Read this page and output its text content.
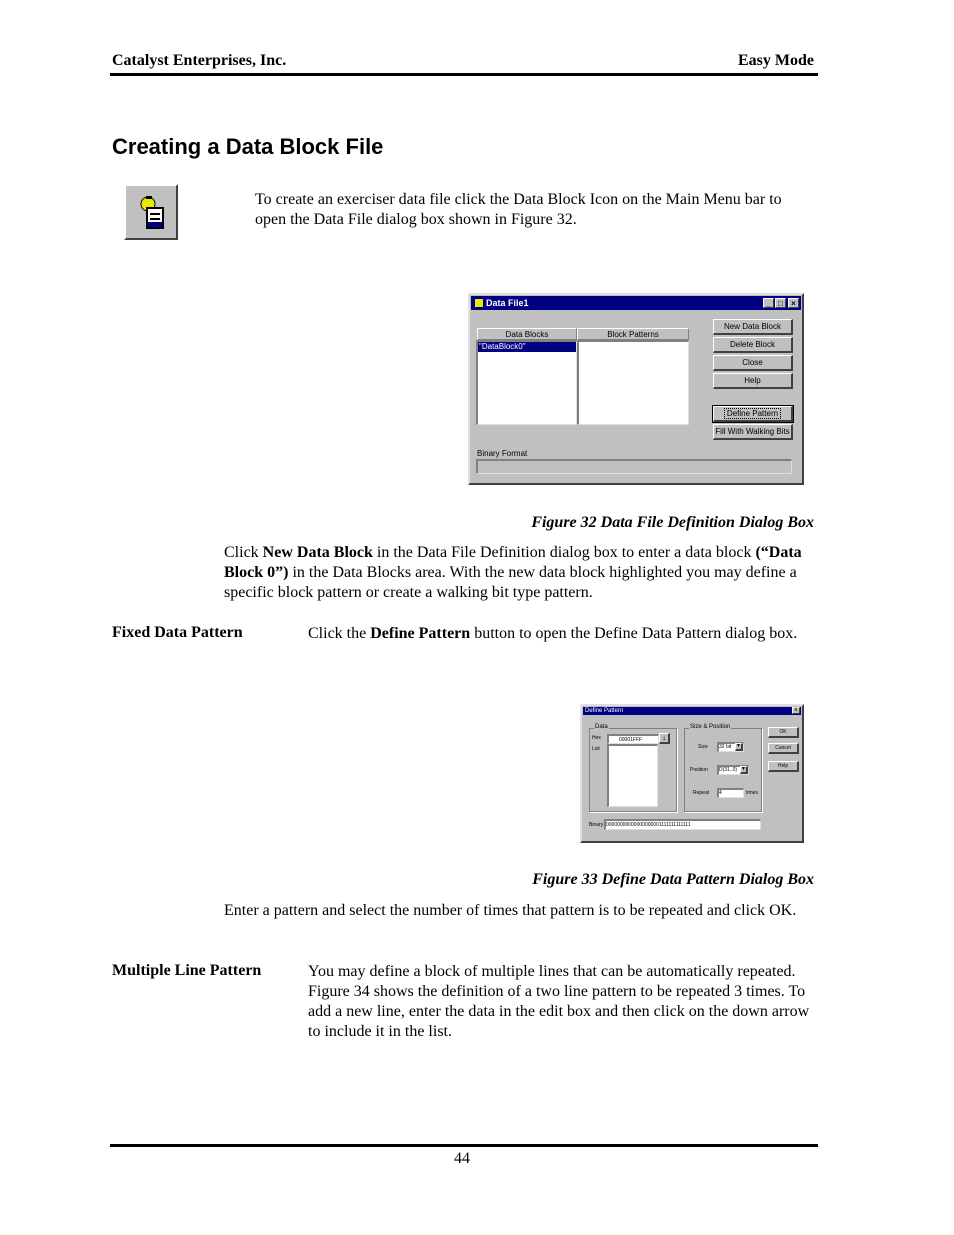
Catalyst Enterprises, Inc.	Easy Mode
Creating a Data Block File
To create an exerciser data file click the Data Block Icon on the Main Menu bar to open the Data File dialog box shown in Figure 32.
Data File1	_ □	×
Data Blocks
"DataBlock0"
Block Patterns
New Data Block
Delete Block
Close
Help
Define Pattern
Fill With Walking Bits
Binary Format
Figure 32 Data File Definition Dialog Box
Click New Data Block in the Data File Definition dialog box to enter a data block (“Data Block 0”) in the Data Blocks area. With the new data block highlighted you may define a specific block pattern or create a walking bit type pattern.
Fixed Data Pattern	Click the Define Pattern button to open the Define Data Pattern dialog box.
Define Pattern	x
Data
Hex	00001FFF	↓
List
Size & Position
Size	32 bit ▼
Position	D(31..0) ▼
Repeat	4	times
OK
Cancel
Help
Binary 00000000000000000001111111111111
Figure 33 Define Data Pattern Dialog Box
Enter a pattern and select the number of times that pattern is to be repeated and click OK.
Multiple Line Pattern	You may define a block of multiple lines that can be automatically repeated. Figure 34 shows the definition of a two line pattern to be repeated 3 times. To add a new line, enter the data in the edit box and then click on the down arrow to include it in the list.
44
